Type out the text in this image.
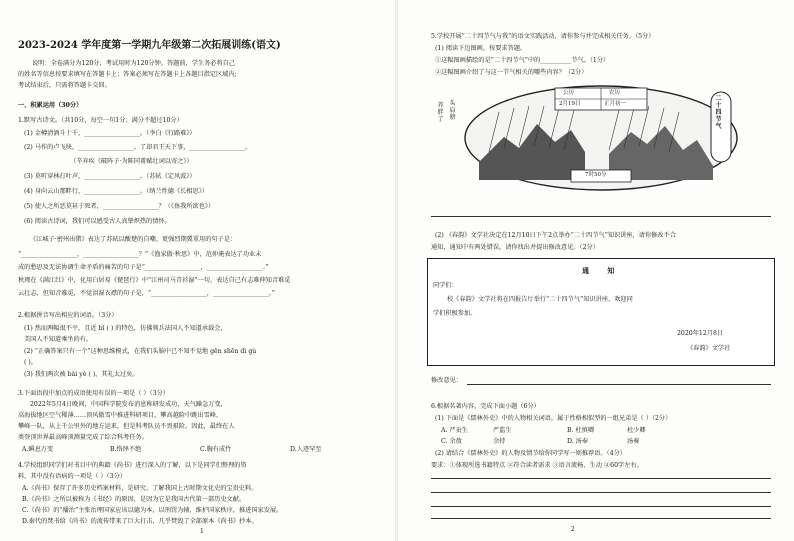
2023-2024 学年度第一学期九年级第二次拓展训练(语文)
说明：全卷满分为120分，考试用时为120分钟。答题前，学生务必将自己
的姓名等信息按要求填写在答题卡上；答案必须写在答题卡上各题目指定区域内;
考试结束后，只需将答题卡交回。
一、积累运用（30分）
1.默写古诗文。（共10分，每空一句1分；满分不超过10分）
(1) 金樽清酒斗十千，__________________。（李白《行路难》）
(2) 马作的卢飞快，__________________。了却君王天下事，__________________。
（辛弃疾《破阵子·为陈同甫赋壮词以寄之》）
(3) 莫听穿林打叶声，__________________。（苏轼《定风波》）
(4) 身向云山那畔行，__________________。（纳兰性德《长相思》）
(5) 使人之所恶莫甚于死者，__________________？（《鱼我所欲也》）
(6) 阅读古诗词，我们可以感受古人真挚炽热的情怀。
《江城子·密州出猎》表达了苏轼以酸楚的自嘲、更强烈期冀重用的句子是：
“__________________，__________________？”《渔家傲·秋思》中，范仲淹表达了功业未
成的愁思及无法协调生命矛盾的痛苦的句子是“__________________，__________________。”
秋瑾在《满江红》中，化用白居易《琵琶行》中“江州司马青衫湿”一句，表达自己有志难伸知音难觅
云壮志，但知音难觅，不觉泪湿衣襟的句子是，“__________________，__________________。”
2.根据拼音写出相应的词语。（3分）
(1) 然而两幅很不平，且近 bǐ ( ) 的特色，仿佛领兵法国人不知道承载会，
美国人不知道乘坐的有。
(2) “正确答案只有一个”这种思维模式，在我们头脑中已不知不觉地 gēn shēn dì gù
( )。
(3) 我们两次被 bài yè ( )，其礼太过矣。
3.下面语段中加点的成语使用有误的一项是（ ）（3分）
2022年5月4日晚间，中国科学院发布消息称研发成功，天气躁急万变，
高海拔地区空气稀薄……顶风傲雪中推进科研项目，攀高越险中跳出雪峰，
攀峰一队，从上千公里外的地方运来，但是科考队员不畏艰险。因此，最终在人
类登顶世界最高峰顶测量完成了综合科考任务。
A.瞬息万变	B.络绎不绝	C.胸有成竹	D.人迹罕至
4.学校组织同学们对书目中的典籍《尚书》进行深入的了解，以下是同学们整理的资
料，其中没有语病的一项是（ ）（3分）
A.《尚书》保存了许多历史档案材料，是研究、了解我国上古时期文化史的宝贵史料。
B.《尚书》之所以被称为《书经》的原因，是因为它是我国古代第一部历史文献。
C.《尚书》的“播治”主张治理国家应该以德为本，以刑罚为辅，维护国家秩序，推进国家发展。
D.秦代的焚书给《尚书》的流传带来了巨大打击，几乎焚毁了全部原本《尚书》抄本。
1
5.学校开展“二十四节气与我”的语文实践活动，请你参与并完成相关任务。（5分）
(1) 阅读下边图画，按要求答题。
①这幅图画描绘的是“二十四节气”中的__________节气。（1分）
②这幅图画介绍了与这一节气相关的哪些内容？（2分）
养胖了
头肩膀
公历	农历
2月19日	正月初一
7时50分
二十四节气
(2) 《春韵》文学社决定在12月10日下午2点举办“二十四节气”知识讲座，请你修改不合
通知，通知中有两处错误，请你找出并提出修改意见。（2分）
通 知
同学们：
校《春韵》文学社将在四报告厅举行“二十四节气”知识讲座，欢迎同
学们积极参加。
2020年12月8日
《春韵》文学社
修改意见：
6.根据名著内容，完成下面小题（6分）
(1) 下面是《儒林外史》中的人物相关词语，属于性格相似型的一组兄弟是（ ）（2分）
A. 严贡生	严监生	B. 杜慎卿	杜少卿
C. 余敖	余持	D. 汤奉	汤奏
(2) 请结合《儒林外史》的人物及情节给你同学写一则推荐语。（4分）
要求：①体现所选书籍特点 ②符合读者需求 ③语言流畅、生动 ④60字左右。
2
